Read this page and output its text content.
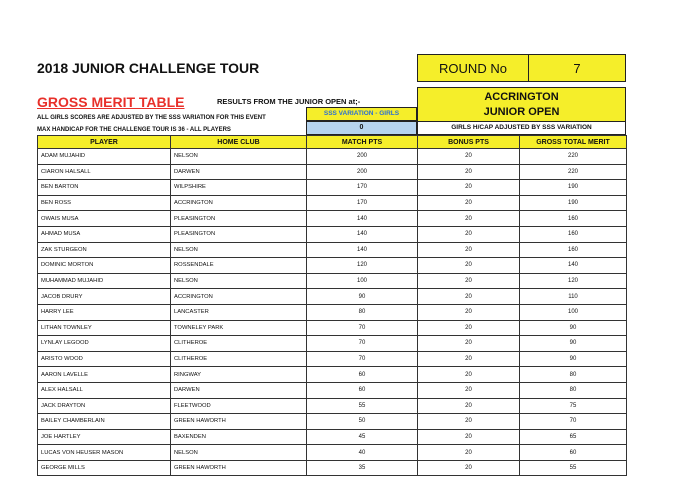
2018 JUNIOR CHALLENGE TOUR	ROUND No	7
GROSS MERIT TABLE	RESULTS FROM THE JUNIOR OPEN at;-
ALL GIRLS SCORES ARE ADJUSTED BY THE SSS VARIATION FOR THIS EVENT
MAX HANDICAP FOR THE CHALLENGE TOUR IS 36 - ALL PLAYERS
SSS VARIATION - GIRLS
0
ACCRINGTON
JUNIOR OPEN
GIRLS H/CAP ADJUSTED BY SSS VARIATION
PLAYER	HOME CLUB	MATCH PTS	BONUS PTS	GROSS TOTAL MERIT
ADAM MUJAHID	NELSON	200	20	220
CIARON HALSALL	DARWEN	200	20	220
BEN BARTON	WILPSHIRE	170	20	190
BEN ROSS	ACCRINGTON	170	20	190
OWAIS MUSA	PLEASINGTON	140	20	160
AHMAD MUSA	PLEASINGTON	140	20	160
ZAK STURGEON	NELSON	140	20	160
DOMINIC MORTON	ROSSENDALE	120	20	140
MUHAMMAD MUJAHID	NELSON	100	20	120
JACOB DRURY	ACCRINGTON	90	20	110
HARRY LEE	LANCASTER	80	20	100
LITHAN TOWNLEY	TOWNELEY PARK	70	20	90
LYNLAY LEGOOD	CLITHEROE	70	20	90
ARISTO WOOD	CLITHEROE	70	20	90
AARON LAVELLE	RINGWAY	60	20	80
ALEX HALSALL	DARWEN	60	20	80
JACK DRAYTON	FLEETWOOD	55	20	75
BAILEY CHAMBERLAIN	GREEN HAWORTH	50	20	70
JOE HARTLEY	BAXENDEN	45	20	65
LUCAS VON HEUSER MASON	NELSON	40	20	60
GEORGE MILLS	GREEN HAWORTH	35	20	55
